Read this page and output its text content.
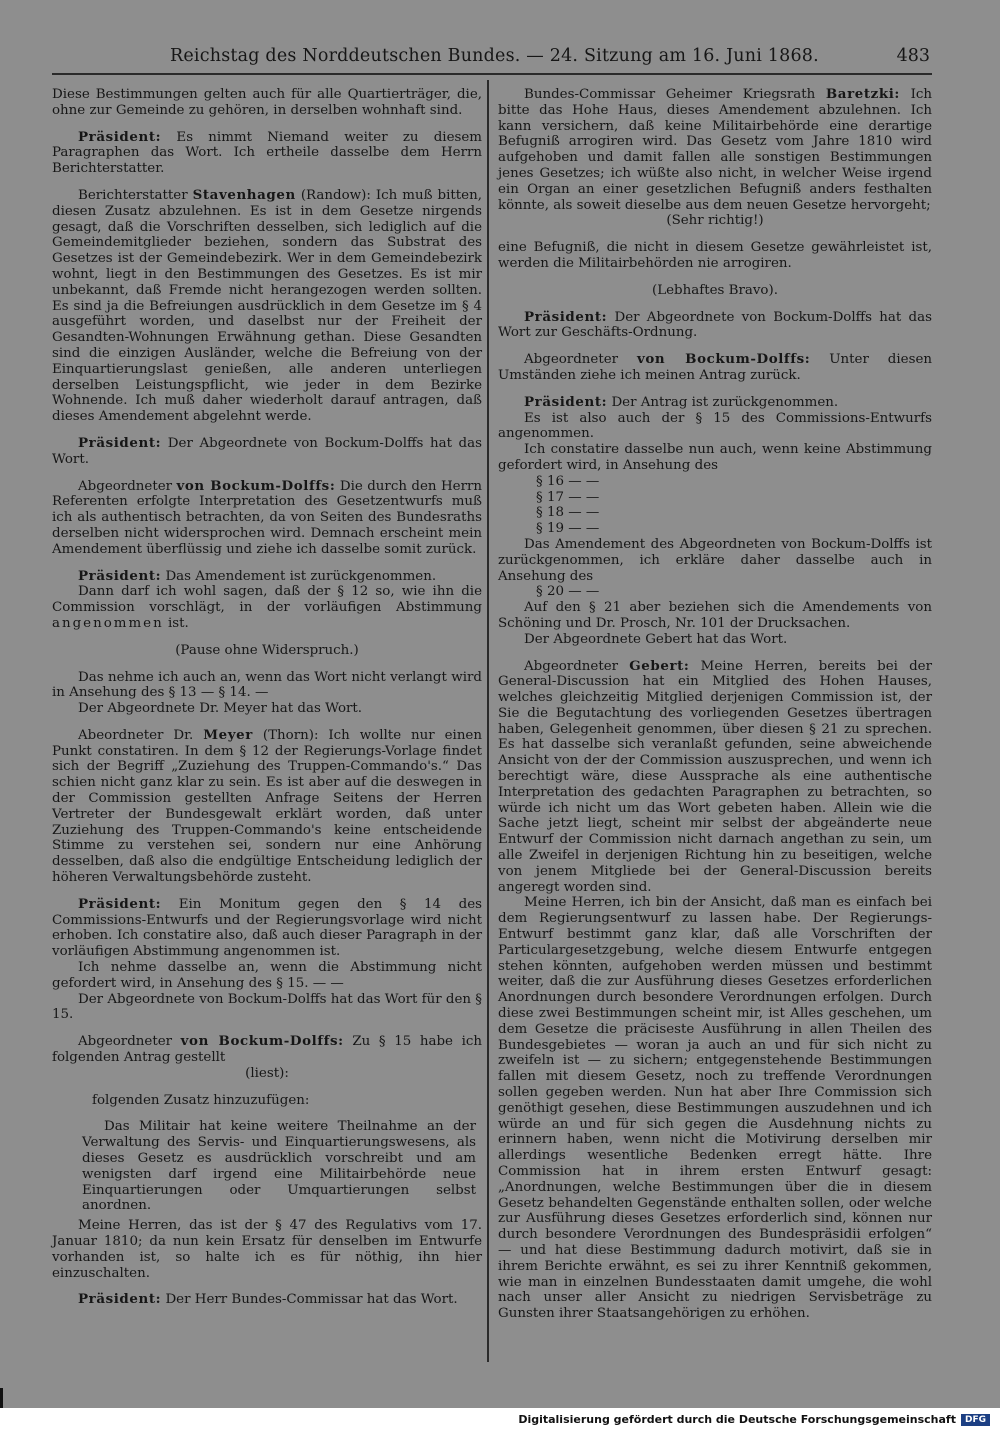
Reichstag des Norddeutschen Bundes. — 24. Sitzung am 16. Juni 1868.	483

Diese Bestimmungen gelten auch für alle Quartierträger, die, ohne zur Gemeinde zu gehören, in derselben wohnhaft sind.

Präsident: Es nimmt Niemand weiter zu diesem Paragraphen das Wort. Ich ertheile dasselbe dem Herrn Berichterstatter.

Berichterstatter Stavenhagen (Randow): Ich muß bitten, diesen Zusatz abzulehnen. Es ist in dem Gesetze nirgends gesagt, daß die Vorschriften desselben, sich lediglich auf die Gemeindemitglieder beziehen, sondern das Substrat des Gesetzes ist der Gemeindebezirk. Wer in dem Gemeindebezirk wohnt, liegt in den Bestimmungen des Gesetzes. Es ist mir unbekannt, daß Fremde nicht herangezogen werden sollten. Es sind ja die Befreiungen ausdrücklich in dem Gesetze im § 4 ausgeführt worden, und daselbst nur der Freiheit der Gesandten-Wohnungen Erwähnung gethan. Diese Gesandten sind die einzigen Ausländer, welche die Befreiung von der Einquartierungslast genießen, alle anderen unterliegen derselben Leistungspflicht, wie jeder in dem Bezirke Wohnende. Ich muß daher wiederholt darauf antragen, daß dieses Amendement abgelehnt werde.

Präsident: Der Abgeordnete von Bockum-Dolffs hat das Wort.

Abgeordneter von Bockum-Dolffs: Die durch den Herrn Referenten erfolgte Interpretation des Gesetzentwurfs muß ich als authentisch betrachten, da von Seiten des Bundesraths derselben nicht widersprochen wird. Demnach erscheint mein Amendement überflüssig und ziehe ich dasselbe somit zurück.

Präsident: Das Amendement ist zurückgenommen.

Dann darf ich wohl sagen, daß der § 12 so, wie ihn die Commission vorschlägt, in der vorläufigen Abstimmung angenommen ist.

(Pause ohne Widerspruch.)

Das nehme ich auch an, wenn das Wort nicht verlangt wird in Ansehung des § 13 — § 14. —

Der Abgeordnete Dr. Meyer hat das Wort.

Abeordneter Dr. Meyer (Thorn): Ich wollte nur einen Punkt constatiren. In dem § 12 der Regierungs-Vorlage findet sich der Begriff „Zuziehung des Truppen-Commando's.“ Das schien nicht ganz klar zu sein. Es ist aber auf die deswegen in der Commission gestellten Anfrage Seitens der Herren Vertreter der Bundesgewalt erklärt worden, daß unter Zuziehung des Truppen-Commando's keine entscheidende Stimme zu verstehen sei, sondern nur eine Anhörung desselben, daß also die endgültige Entscheidung lediglich der höheren Verwaltungsbehörde zusteht.

Präsident: Ein Monitum gegen den § 14 des Commissions-Entwurfs und der Regierungsvorlage wird nicht erhoben. Ich constatire also, daß auch dieser Paragraph in der vorläufigen Abstimmung angenommen ist.

Ich nehme dasselbe an, wenn die Abstimmung nicht gefordert wird, in Ansehung des § 15. — —

Der Abgeordnete von Bockum-Dolffs hat das Wort für den § 15.

Abgeordneter von Bockum-Dolffs: Zu § 15 habe ich folgenden Antrag gestellt

(liest):

folgenden Zusatz hinzuzufügen:

Das Militair hat keine weitere Theilnahme an der Verwaltung des Servis- und Einquartierungswesens, als dieses Gesetz es ausdrücklich vorschreibt und am wenigsten darf irgend eine Militairbehörde neue Einquartierungen oder Umquartierungen selbst anordnen.

Meine Herren, das ist der § 47 des Regulativs vom 17. Januar 1810; da nun kein Ersatz für denselben im Entwurfe vorhanden ist, so halte ich es für nöthig, ihn hier einzuschalten.

Präsident: Der Herr Bundes-Commissar hat das Wort.

Bundes-Commissar Geheimer Kriegsrath Baretzki: Ich bitte das Hohe Haus, dieses Amendement abzulehnen. Ich kann versichern, daß keine Militairbehörde eine derartige Befugniß arrogiren wird. Das Gesetz vom Jahre 1810 wird aufgehoben und damit fallen alle sonstigen Bestimmungen jenes Gesetzes; ich wüßte also nicht, in welcher Weise irgend ein Organ an einer gesetzlichen Befugniß anders festhalten könnte, als soweit dieselbe aus dem neuen Gesetze hervorgeht;

(Sehr richtig!)

eine Befugniß, die nicht in diesem Gesetze gewährleistet ist, werden die Militairbehörden nie arrogiren.

(Lebhaftes Bravo).

Präsident: Der Abgeordnete von Bockum-Dolffs hat das Wort zur Geschäfts-Ordnung.

Abgeordneter von Bockum-Dolffs: Unter diesen Umständen ziehe ich meinen Antrag zurück.

Präsident: Der Antrag ist zurückgenommen.

Es ist also auch der § 15 des Commissions-Entwurfs angenommen.

Ich constatire dasselbe nun auch, wenn keine Abstimmung gefordert wird, in Ansehung des

§ 16 — —

§ 17 — —

§ 18 — —

§ 19 — —

Das Amendement des Abgeordneten von Bockum-Dolffs ist zurückgenommen, ich erkläre daher dasselbe auch in Ansehung des

§ 20 — —

Auf den § 21 aber beziehen sich die Amendements von Schöning und Dr. Prosch, Nr. 101 der Drucksachen.

Der Abgeordnete Gebert hat das Wort.

Abgeordneter Gebert: Meine Herren, bereits bei der General-Discussion hat ein Mitglied des Hohen Hauses, welches gleichzeitig Mitglied derjenigen Commission ist, der Sie die Begutachtung des vorliegenden Gesetzes übertragen haben, Gelegenheit genommen, über diesen § 21 zu sprechen. Es hat dasselbe sich veranlaßt gefunden, seine abweichende Ansicht von der der Commission auszusprechen, und wenn ich berechtigt wäre, diese Aussprache als eine authentische Interpretation des gedachten Paragraphen zu betrachten, so würde ich nicht um das Wort gebeten haben. Allein wie die Sache jetzt liegt, scheint mir selbst der abgeänderte neue Entwurf der Commission nicht darnach angethan zu sein, um alle Zweifel in derjenigen Richtung hin zu beseitigen, welche von jenem Mitgliede bei der General-Discussion bereits angeregt worden sind.

Meine Herren, ich bin der Ansicht, daß man es einfach bei dem Regierungsentwurf zu lassen habe. Der Regierungs-Entwurf bestimmt ganz klar, daß alle Vorschriften der Particulargesetzgebung, welche diesem Entwurfe entgegen stehen könnten, aufgehoben werden müssen und bestimmt weiter, daß die zur Ausführung dieses Gesetzes erforderlichen Anordnungen durch besondere Verordnungen erfolgen. Durch diese zwei Bestimmungen scheint mir, ist Alles geschehen, um dem Gesetze die präciseste Ausführung in allen Theilen des Bundesgebietes — woran ja auch an und für sich nicht zu zweifeln ist — zu sichern; entgegenstehende Bestimmungen fallen mit diesem Gesetz, noch zu treffende Verordnungen sollen gegeben werden. Nun hat aber Ihre Commission sich genöthigt gesehen, diese Bestimmungen auszudehnen und ich würde an und für sich gegen die Ausdehnung nichts zu erinnern haben, wenn nicht die Motivirung derselben mir allerdings wesentliche Bedenken erregt hätte. Ihre Commission hat in ihrem ersten Entwurf gesagt: „Anordnungen, welche Bestimmungen über die in diesem Gesetz behandelten Gegenstände enthalten sollen, oder welche zur Ausführung dieses Gesetzes erforderlich sind, können nur durch besondere Verordnungen des Bundespräsidii erfolgen“ — und hat diese Bestimmung dadurch motivirt, daß sie in ihrem Berichte erwähnt, es sei zu ihrer Kenntniß gekommen, wie man in einzelnen Bundesstaaten damit umgehe, die wohl nach unser aller Ansicht zu niedrigen Servisbeträge zu Gunsten ihrer Staatsangehörigen zu erhöhen.

Digitalisierung gefördert durch die Deutsche Forschungsgemeinschaft	DFG
